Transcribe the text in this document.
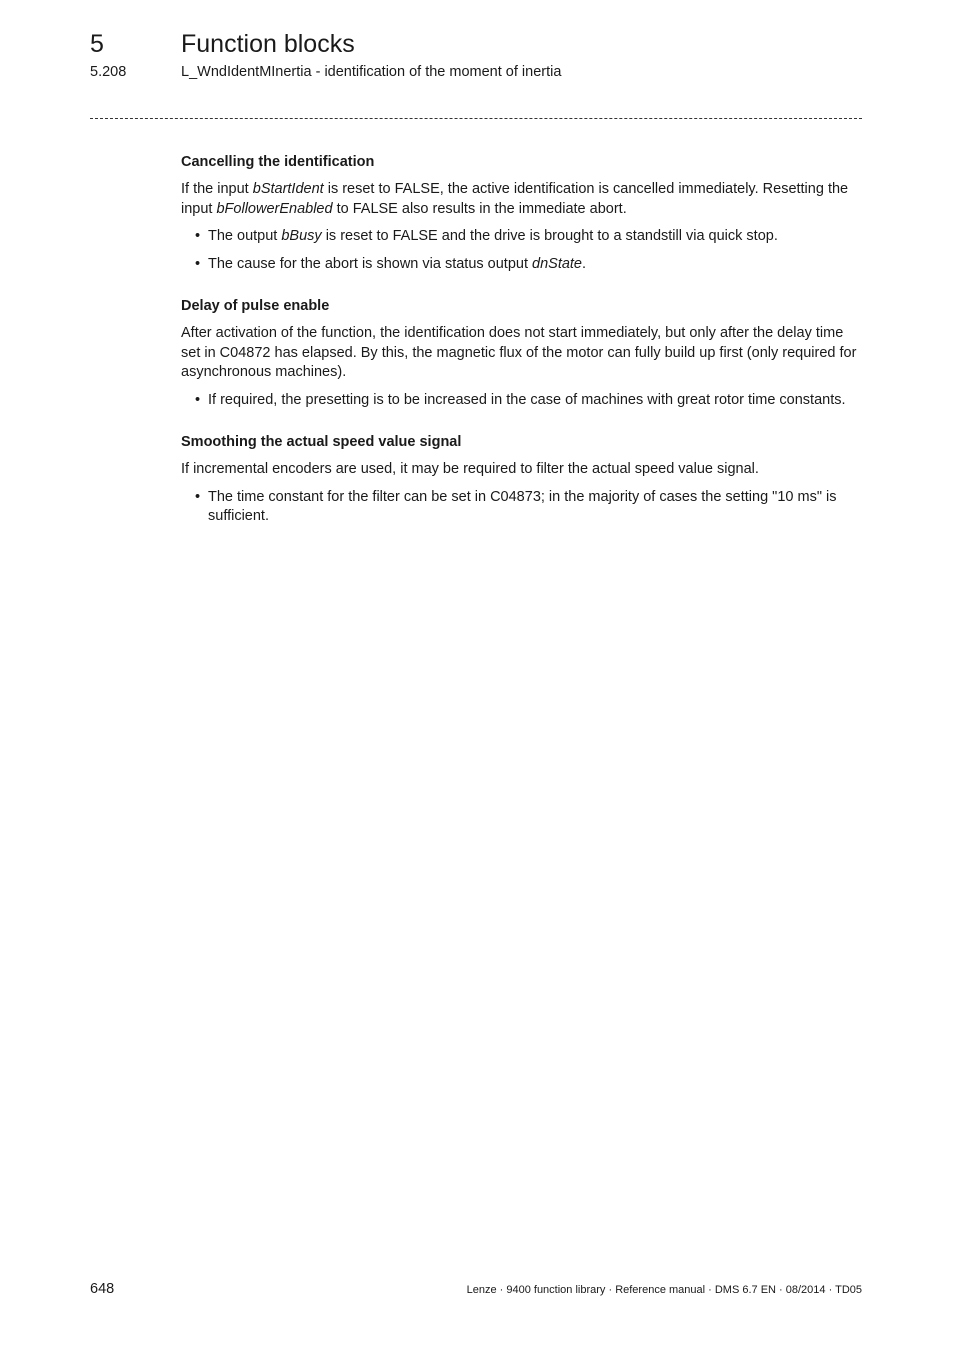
5	Function blocks
5.208	L_WndIdentMInertia - identification of the moment of inertia
Cancelling the identification

If the input bStartIdent is reset to FALSE, the active identification is cancelled immediately. Resetting the input bFollowerEnabled to FALSE also results in the immediate abort.

• The output bBusy is reset to FALSE and the drive is brought to a standstill via quick stop.
• The cause for the abort is shown via status output dnState.
Delay of pulse enable

After activation of the function, the identification does not start immediately, but only after the delay time set in C04872 has elapsed. By this, the magnetic flux of the motor can fully build up first (only required for asynchronous machines).

• If required, the presetting is to be increased in the case of machines with great rotor time constants.
Smoothing the actual speed value signal

If incremental encoders are used, it may be required to filter the actual speed value signal.

• The time constant for the filter can be set in C04873; in the majority of cases the setting "10 ms" is sufficient.
648	Lenze · 9400 function library · Reference manual · DMS 6.7 EN · 08/2014 · TD05
